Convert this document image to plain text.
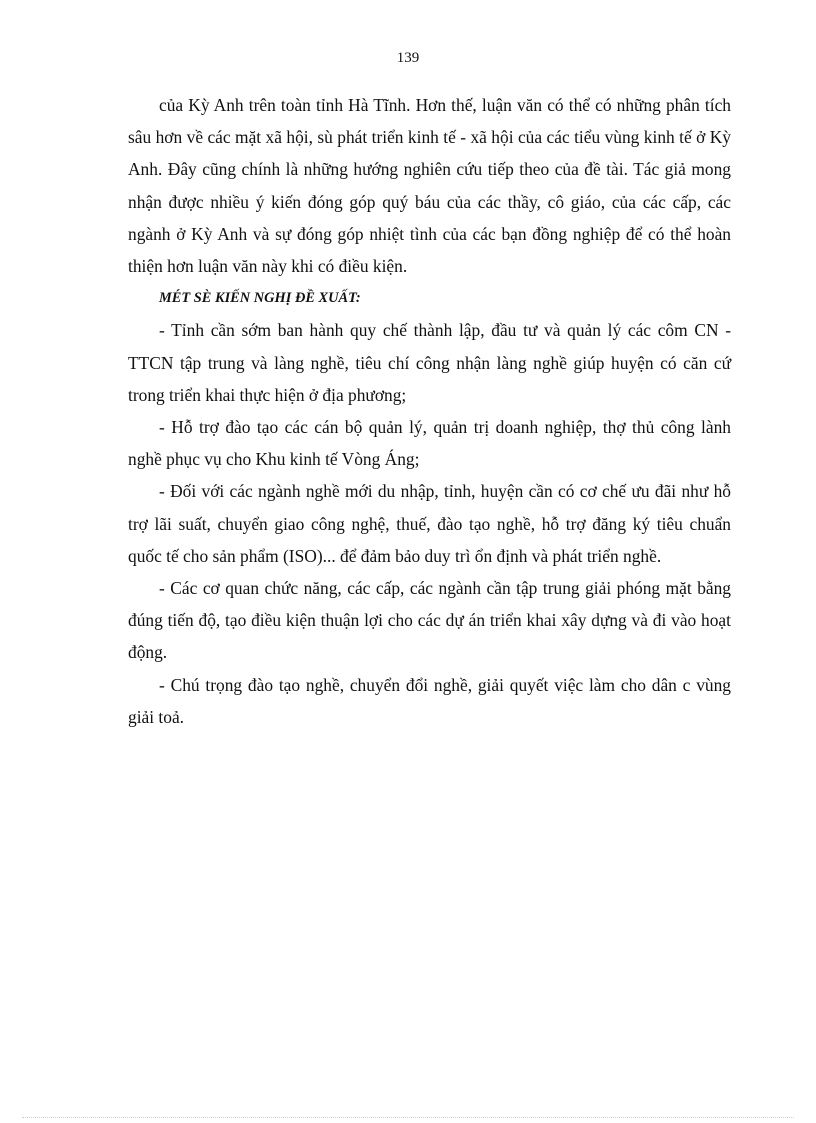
139

của Kỳ Anh trên toàn tỉnh Hà Tĩnh. Hơn thế, luận văn có thể có những phân tích sâu hơn về các mặt xã hội, sù phát triển kinh tế - xã hội của các tiểu vùng kinh tế ở Kỳ Anh. Đây cũng chính là những hướng nghiên cứu tiếp theo của đề tài. Tác giả mong nhận được nhiều ý kiến đóng góp quý báu của các thầy, cô giáo, của các cấp, các ngành ở Kỳ Anh và sự đóng góp nhiệt tình của các bạn đồng nghiệp để có thể hoàn thiện hơn luận văn này khi có điều kiện.

MÉT SÈ KIẾN NGHỊ ĐỀ XUẤT:

- Tỉnh cần sớm ban hành quy chế thành lập, đầu tư và quản lý các côm CN - TTCN tập trung và làng nghề, tiêu chí công nhận làng nghề giúp huyện có căn cứ trong triển khai thực hiện ở địa phương;

- Hỗ trợ đào tạo các cán bộ quản lý, quản trị doanh nghiệp, thợ thủ công lành nghề phục vụ cho Khu kinh tế Vòng Áng;

- Đối với các ngành nghề mới du nhập, tỉnh, huyện cần có cơ chế ưu đãi như hỗ trợ lãi suất, chuyển giao công nghệ, thuế, đào tạo nghề, hỗ trợ đăng ký tiêu chuẩn quốc tế cho sản phẩm (ISO)... để đảm bảo duy trì ổn định và phát triển nghề.

- Các cơ quan chức năng, các cấp, các ngành cần tập trung giải phóng mặt bằng đúng tiến độ, tạo điều kiện thuận lợi cho các dự án triển khai xây dựng và đi vào hoạt động.

- Chú trọng đào tạo nghề, chuyển đổi nghề, giải quyết việc làm cho dân c vùng giải toả.
